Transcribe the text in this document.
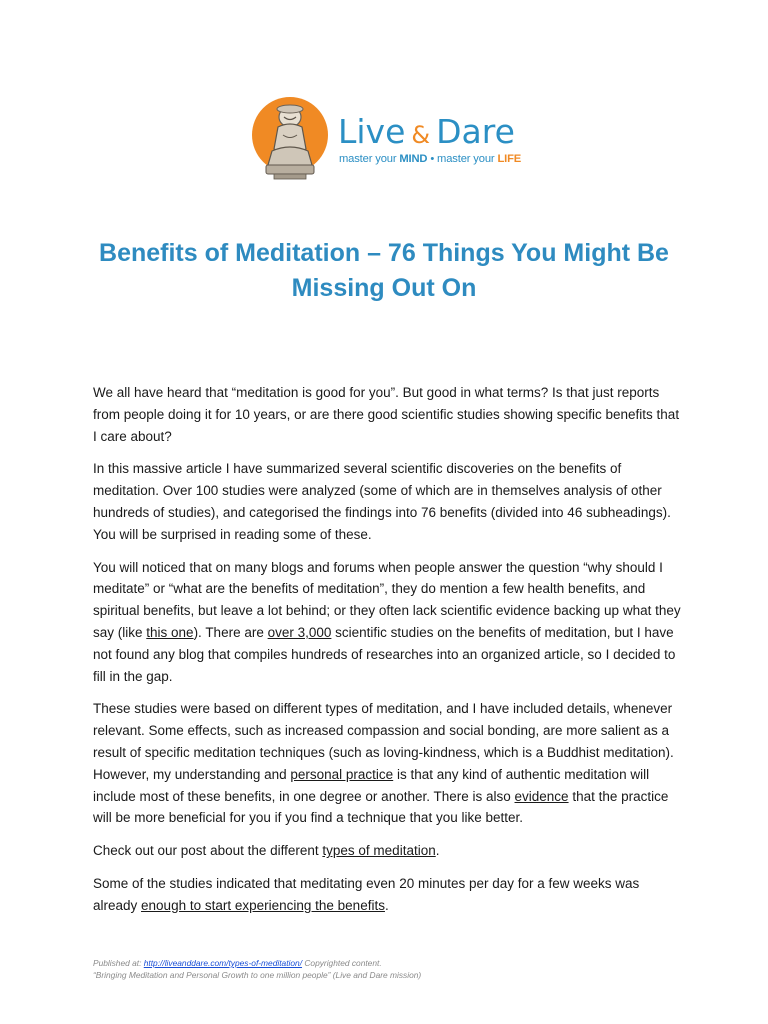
Live & Dare
master your MIND • master your LIFE
Benefits of Meditation – 76 Things You Might Be Missing Out On

We all have heard that “meditation is good for you”. But good in what terms? Is that just reports from people doing it for 10 years, or are there good scientific studies showing specific benefits that I care about?

In this massive article I have summarized several scientific discoveries on the benefits of meditation. Over 100 studies were analyzed (some of which are in themselves analysis of other hundreds of studies), and categorised the findings into 76 benefits (divided into 46 subheadings). You will be surprised in reading some of these.

You will noticed that on many blogs and forums when people answer the question “why should I meditate” or “what are the benefits of meditation”, they do mention a few health benefits, and spiritual benefits, but leave a lot behind; or they often lack scientific evidence backing up what they say (like this one). There are over 3,000 scientific studies on the benefits of meditation, but I have not found any blog that compiles hundreds of researches into an organized article, so I decided to fill in the gap.

These studies were based on different types of meditation, and I have included details, whenever relevant. Some effects, such as increased compassion and social bonding, are more salient as a result of specific meditation techniques (such as loving-kindness, which is a Buddhist meditation). However, my understanding and personal practice is that any kind of authentic meditation will include most of these benefits, in one degree or another. There is also evidence that the practice will be more beneficial for you if you find a technique that you like better.

Check out our post about the different types of meditation.

Some of the studies indicated that meditating even 20 minutes per day for a few weeks was already enough to start experiencing the benefits.

Published at: http://liveanddare.com/types-of-meditation/ Copyrighted content.
“Bringing Meditation and Personal Growth to one million people” (Live and Dare mission)
